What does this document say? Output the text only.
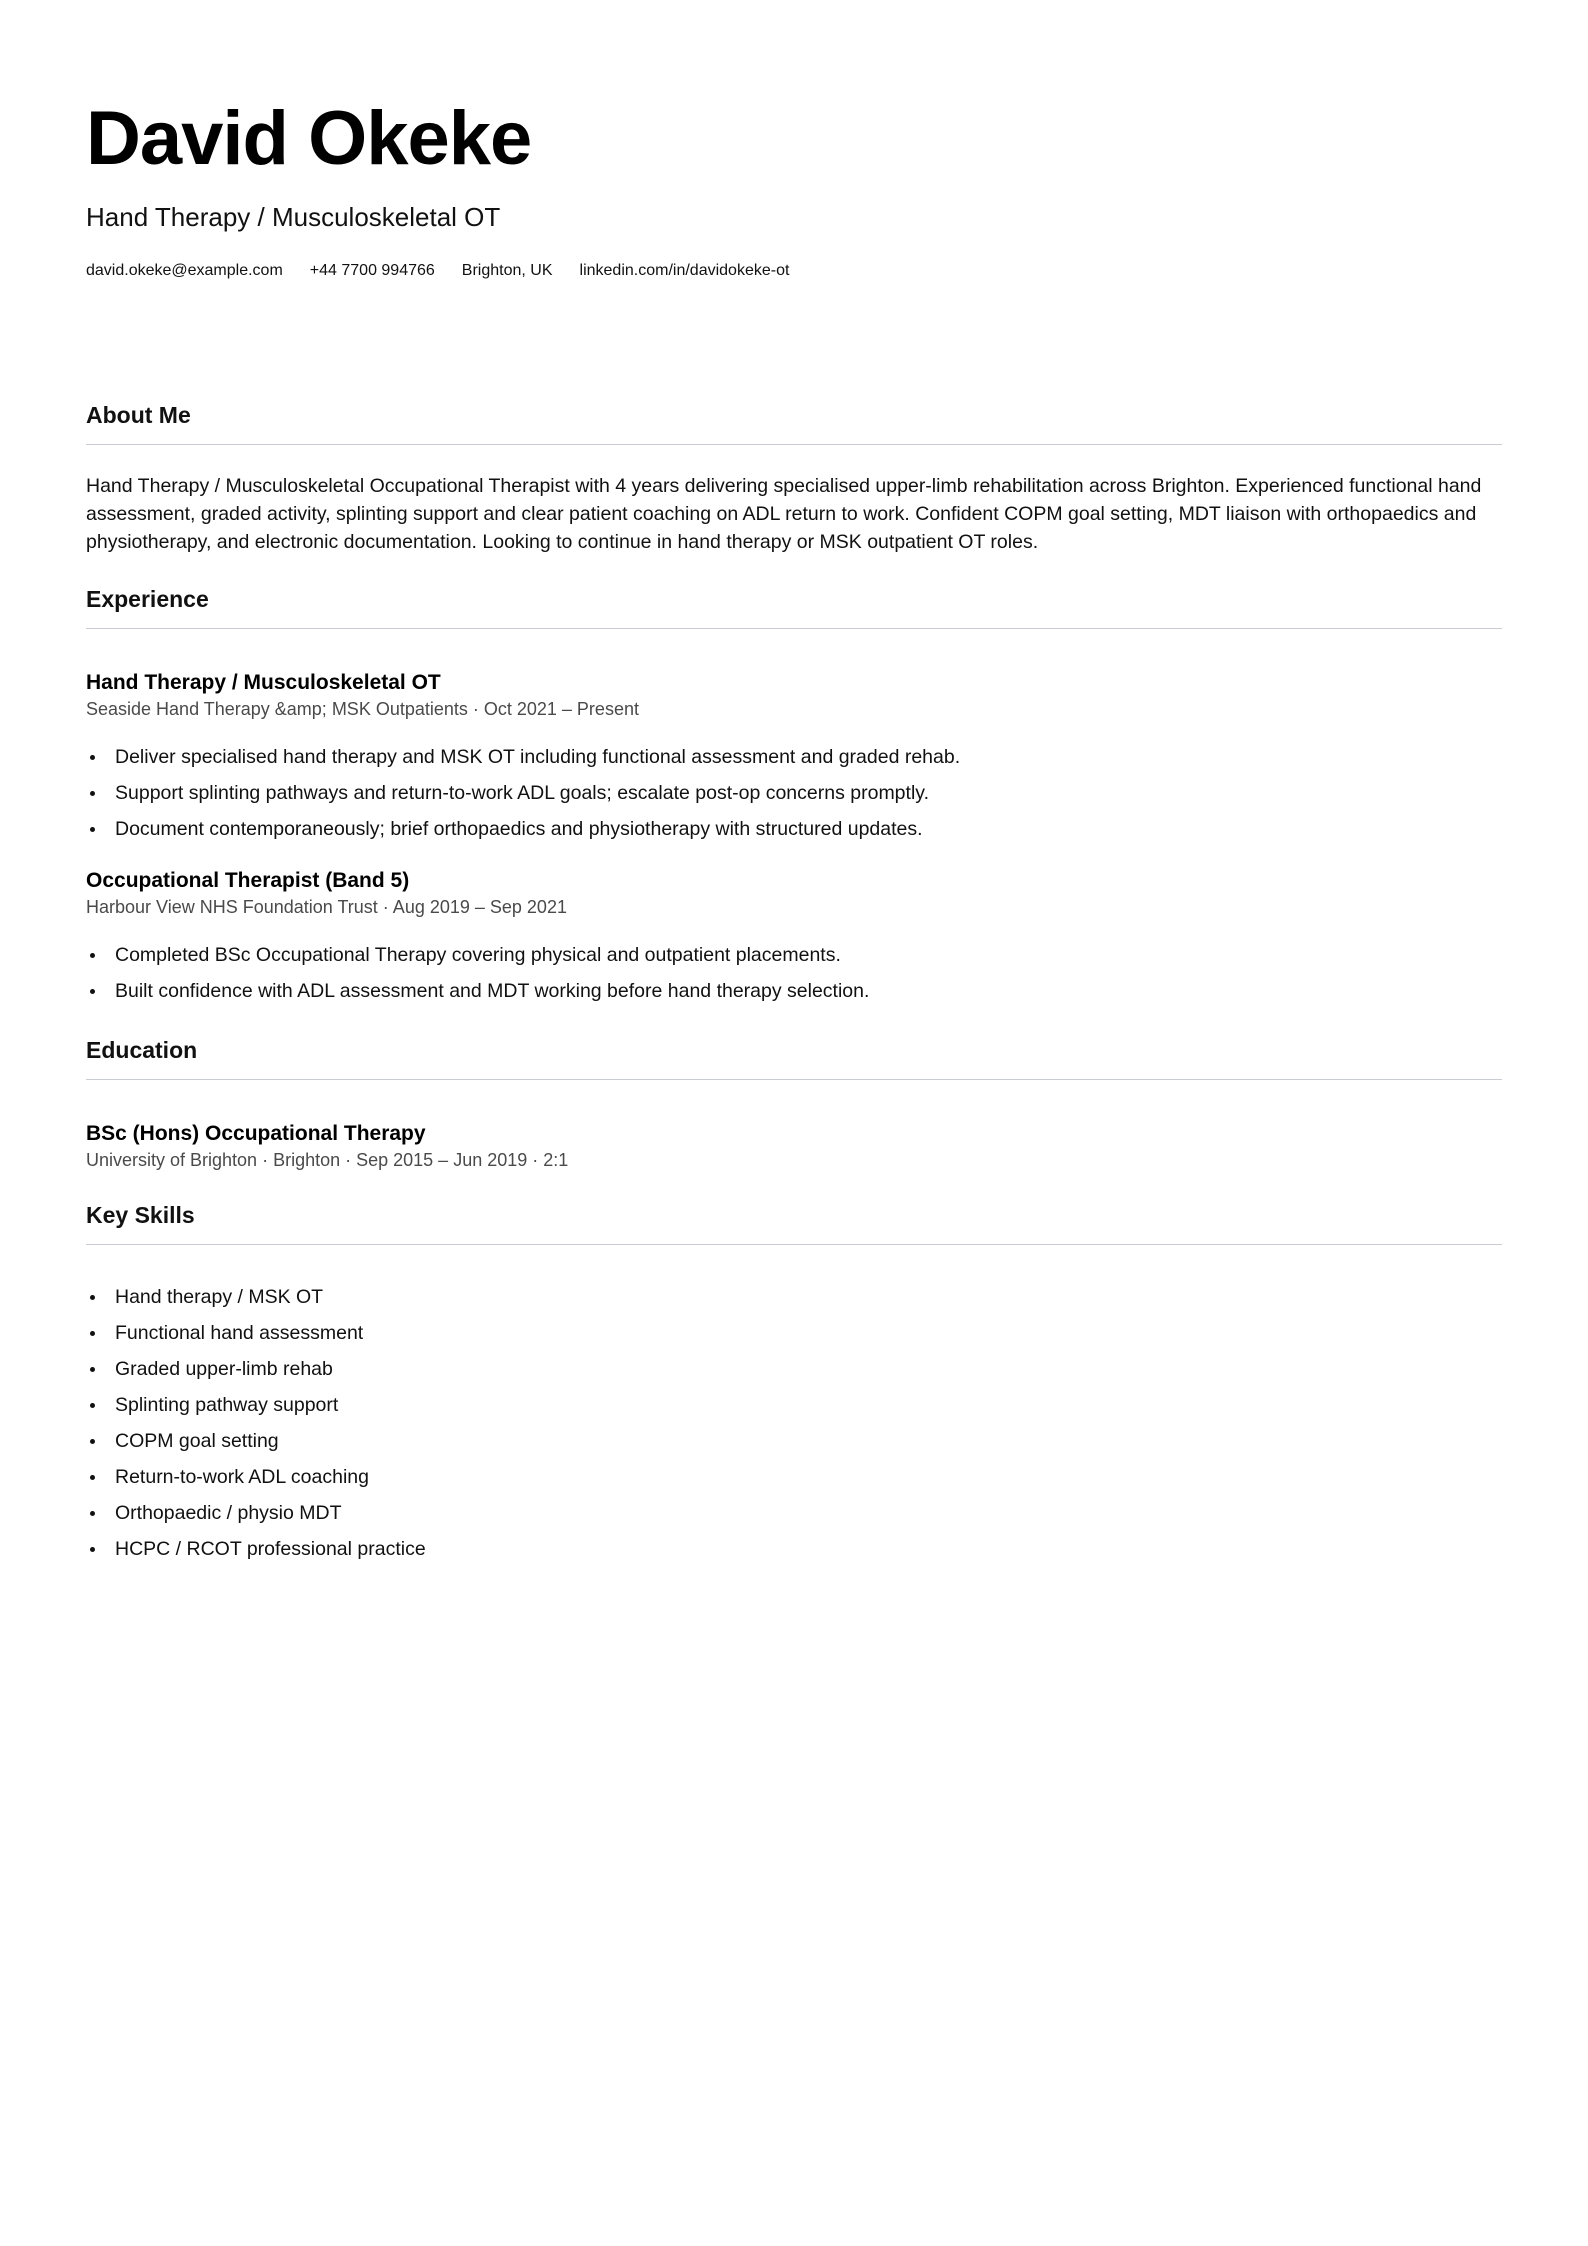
David Okeke
Hand Therapy / Musculoskeletal OT
david.okeke@example.com +44 7700 994766 Brighton, UK linkedin.com/in/davidokeke-ot
About Me

Hand Therapy / Musculoskeletal Occupational Therapist with 4 years delivering specialised upper-limb rehabilitation across Brighton. Experienced functional hand assessment, graded activity, splinting support and clear patient coaching on ADL return to work. Confident COPM goal setting, MDT liaison with orthopaedics and physiotherapy, and electronic documentation. Looking to continue in hand therapy or MSK outpatient OT roles.

Experience
Hand Therapy / Musculoskeletal OT
Seaside Hand Therapy &amp; MSK Outpatients · Oct 2021 – Present
Deliver specialised hand therapy and MSK OT including functional assessment and graded rehab.
Support splinting pathways and return-to-work ADL goals; escalate post-op concerns promptly.
Document contemporaneously; brief orthopaedics and physiotherapy with structured updates.
Occupational Therapist (Band 5)
Harbour View NHS Foundation Trust · Aug 2019 – Sep 2021
Completed BSc Occupational Therapy covering physical and outpatient placements.
Built confidence with ADL assessment and MDT working before hand therapy selection.
Education
BSc (Hons) Occupational Therapy
University of Brighton · Brighton · Sep 2015 – Jun 2019 · 2:1
Key Skills
Hand therapy / MSK OT
Functional hand assessment
Graded upper-limb rehab
Splinting pathway support
COPM goal setting
Return-to-work ADL coaching
Orthopaedic / physio MDT
HCPC / RCOT professional practice
